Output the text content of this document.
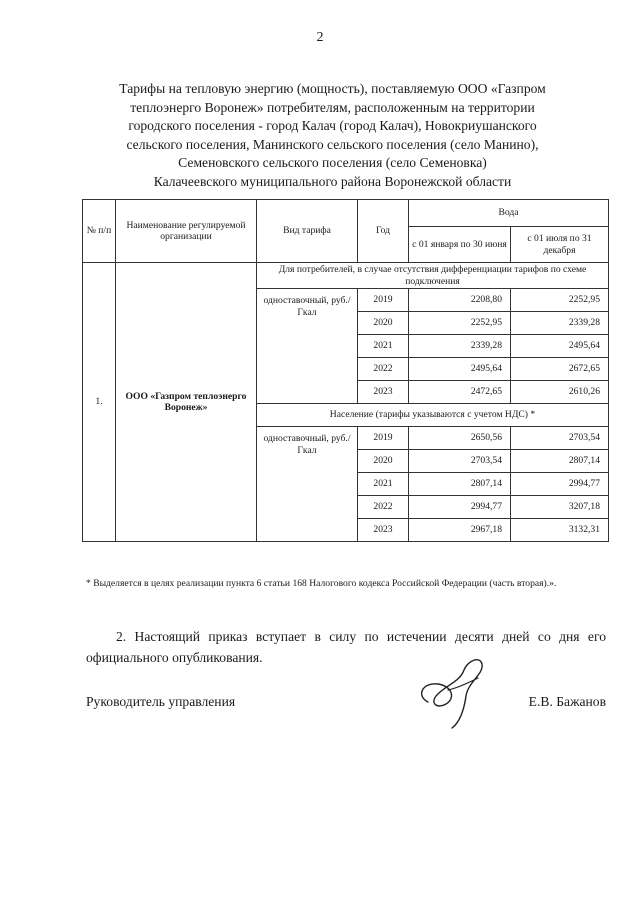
2
Тарифы на тепловую энергию (мощность), поставляемую ООО «Газпром
теплоэнерго Воронеж» потребителям, расположенным на территории
городского поселения - город Калач (город Калач), Новокриушанского
сельского поселения, Манинского сельского поселения (село Манино),
Семеновского сельского поселения (село Семеновка)
Калачеевского муниципального района Воронежской области
№ п/п	Наименование регулируемой организации	Вид тарифа	Год	Вода	
				с 01 января по 30 июня	с 01 июля по 31 декабря
1.	ООО «Газпром теплоэнерго Воронеж»	Для потребителей, в случае отсутствия дифференциации тарифов по схеме подключения			
		одноставочный, руб./Гкал	2019	2208,80	2252,95
			2020	2252,95	2339,28
			2021	2339,28	2495,64
			2022	2495,64	2672,65
			2023	2472,65	2610,26
		Население (тарифы указываются с учетом НДС) *			
		одноставочный, руб./Гкал	2019	2650,56	2703,54
			2020	2703,54	2807,14
			2021	2807,14	2994,77
			2022	2994,77	3207,18
			2023	2967,18	3132,31
* Выделяется в целях реализации пункта 6 статьи 168 Налогового кодекса Российской Федерации (часть вторая).».
2. Настоящий приказ вступает в силу по истечении десяти дней со дня его официального опубликования.
Руководитель управления	Е.В. Бажанов
